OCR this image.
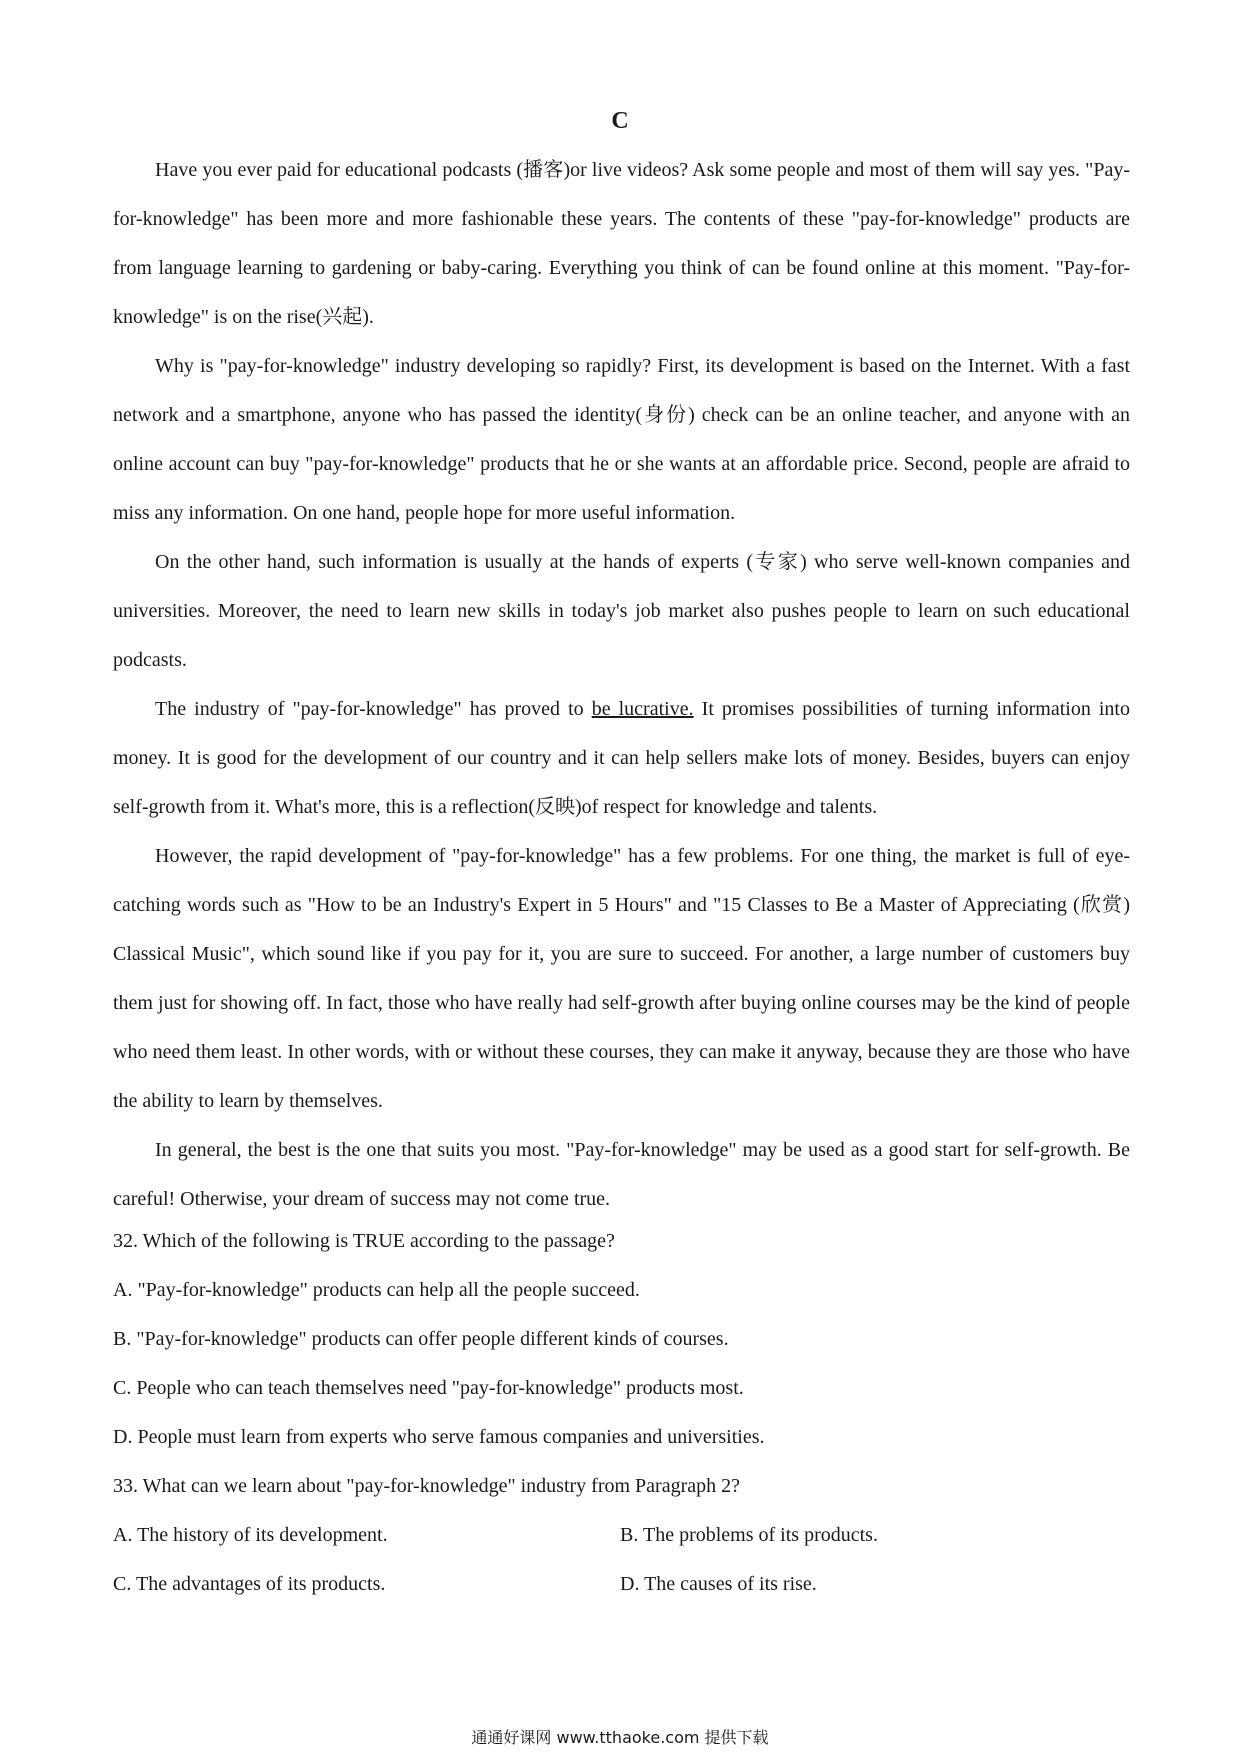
C

Have you ever paid for educational podcasts (播客)or live videos? Ask some people and most of them will say yes. "Pay-for-knowledge" has been more and more fashionable these years. The contents of these "pay-for-knowledge" products are from language learning to gardening or baby-caring. Everything you think of can be found online at this moment. "Pay-for-knowledge" is on the rise(兴起).

Why is "pay-for-knowledge" industry developing so rapidly? First, its development is based on the Internet. With a fast network and a smartphone, anyone who has passed the identity(身份) check can be an online teacher, and anyone with an online account can buy "pay-for-knowledge" products that he or she wants at an affordable price. Second, people are afraid to miss any information. On one hand, people hope for more useful information.

On the other hand, such information is usually at the hands of experts (专家) who serve well-known companies and universities. Moreover, the need to learn new skills in today's job market also pushes people to learn on such educational podcasts.

The industry of "pay-for-knowledge" has proved to be lucrative. It promises possibilities of turning information into money. It is good for the development of our country and it can help sellers make lots of money. Besides, buyers can enjoy self-growth from it. What's more, this is a reflection(反映)of respect for knowledge and talents.

However, the rapid development of "pay-for-knowledge" has a few problems. For one thing, the market is full of eye-catching words such as "How to be an Industry's Expert in 5 Hours" and "15 Classes to Be a Master of Appreciating (欣赏) Classical Music", which sound like if you pay for it, you are sure to succeed. For another, a large number of customers buy them just for showing off. In fact, those who have really had self-growth after buying online courses may be the kind of people who need them least. In other words, with or without these courses, they can make it anyway, because they are those who have the ability to learn by themselves.

In general, the best is the one that suits you most. "Pay-for-knowledge" may be used as a good start for self-growth. Be careful! Otherwise, your dream of success may not come true.

32. Which of the following is TRUE according to the passage?

A. "Pay-for-knowledge" products can help all the people succeed.

B. "Pay-for-knowledge" products can offer people different kinds of courses.

C. People who can teach themselves need "pay-for-knowledge" products most.

D. People must learn from experts who serve famous companies and universities.

33. What can we learn about "pay-for-knowledge" industry from Paragraph 2?

A. The history of its development.	B. The problems of its products.

C. The advantages of its products.	D. The causes of its rise.

通通好课网 www.tthaoke.com 提供下载
